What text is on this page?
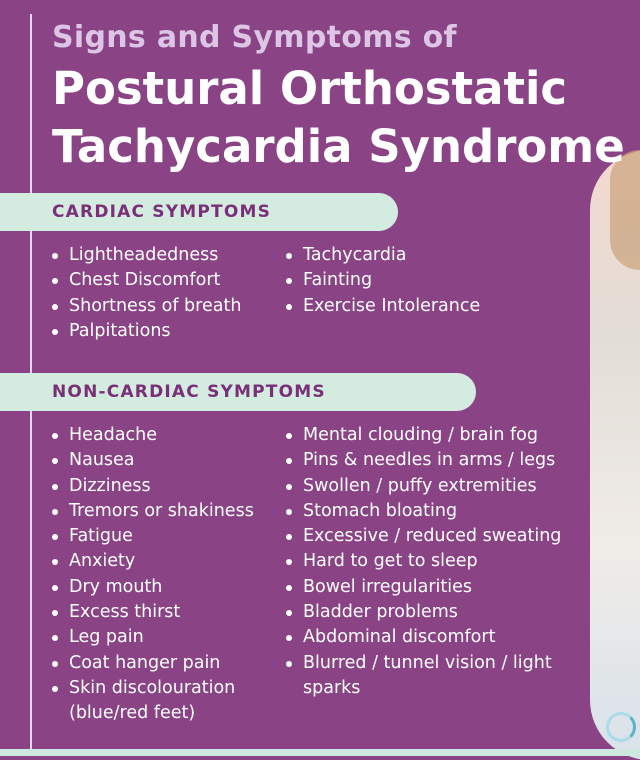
Signs and Symptoms of
Postural Orthostatic Tachycardia Syndrome
CARDIAC SYMPTOMS
Lightheadedness
Chest Discomfort
Shortness of breath
Palpitations
Tachycardia
Fainting
Exercise Intolerance
NON-CARDIAC SYMPTOMS
Headache
Nausea
Dizziness
Tremors or shakiness
Fatigue
Anxiety
Dry mouth
Excess thirst
Leg pain
Coat hanger pain
Skin discolouration (blue/red feet)
Mental clouding / brain fog
Pins & needles in arms / legs
Swollen / puffy extremities
Stomach bloating
Excessive / reduced sweating
Hard to get to sleep
Bowel irregularities
Bladder problems
Abdominal discomfort
Blurred / tunnel vision / light sparks
